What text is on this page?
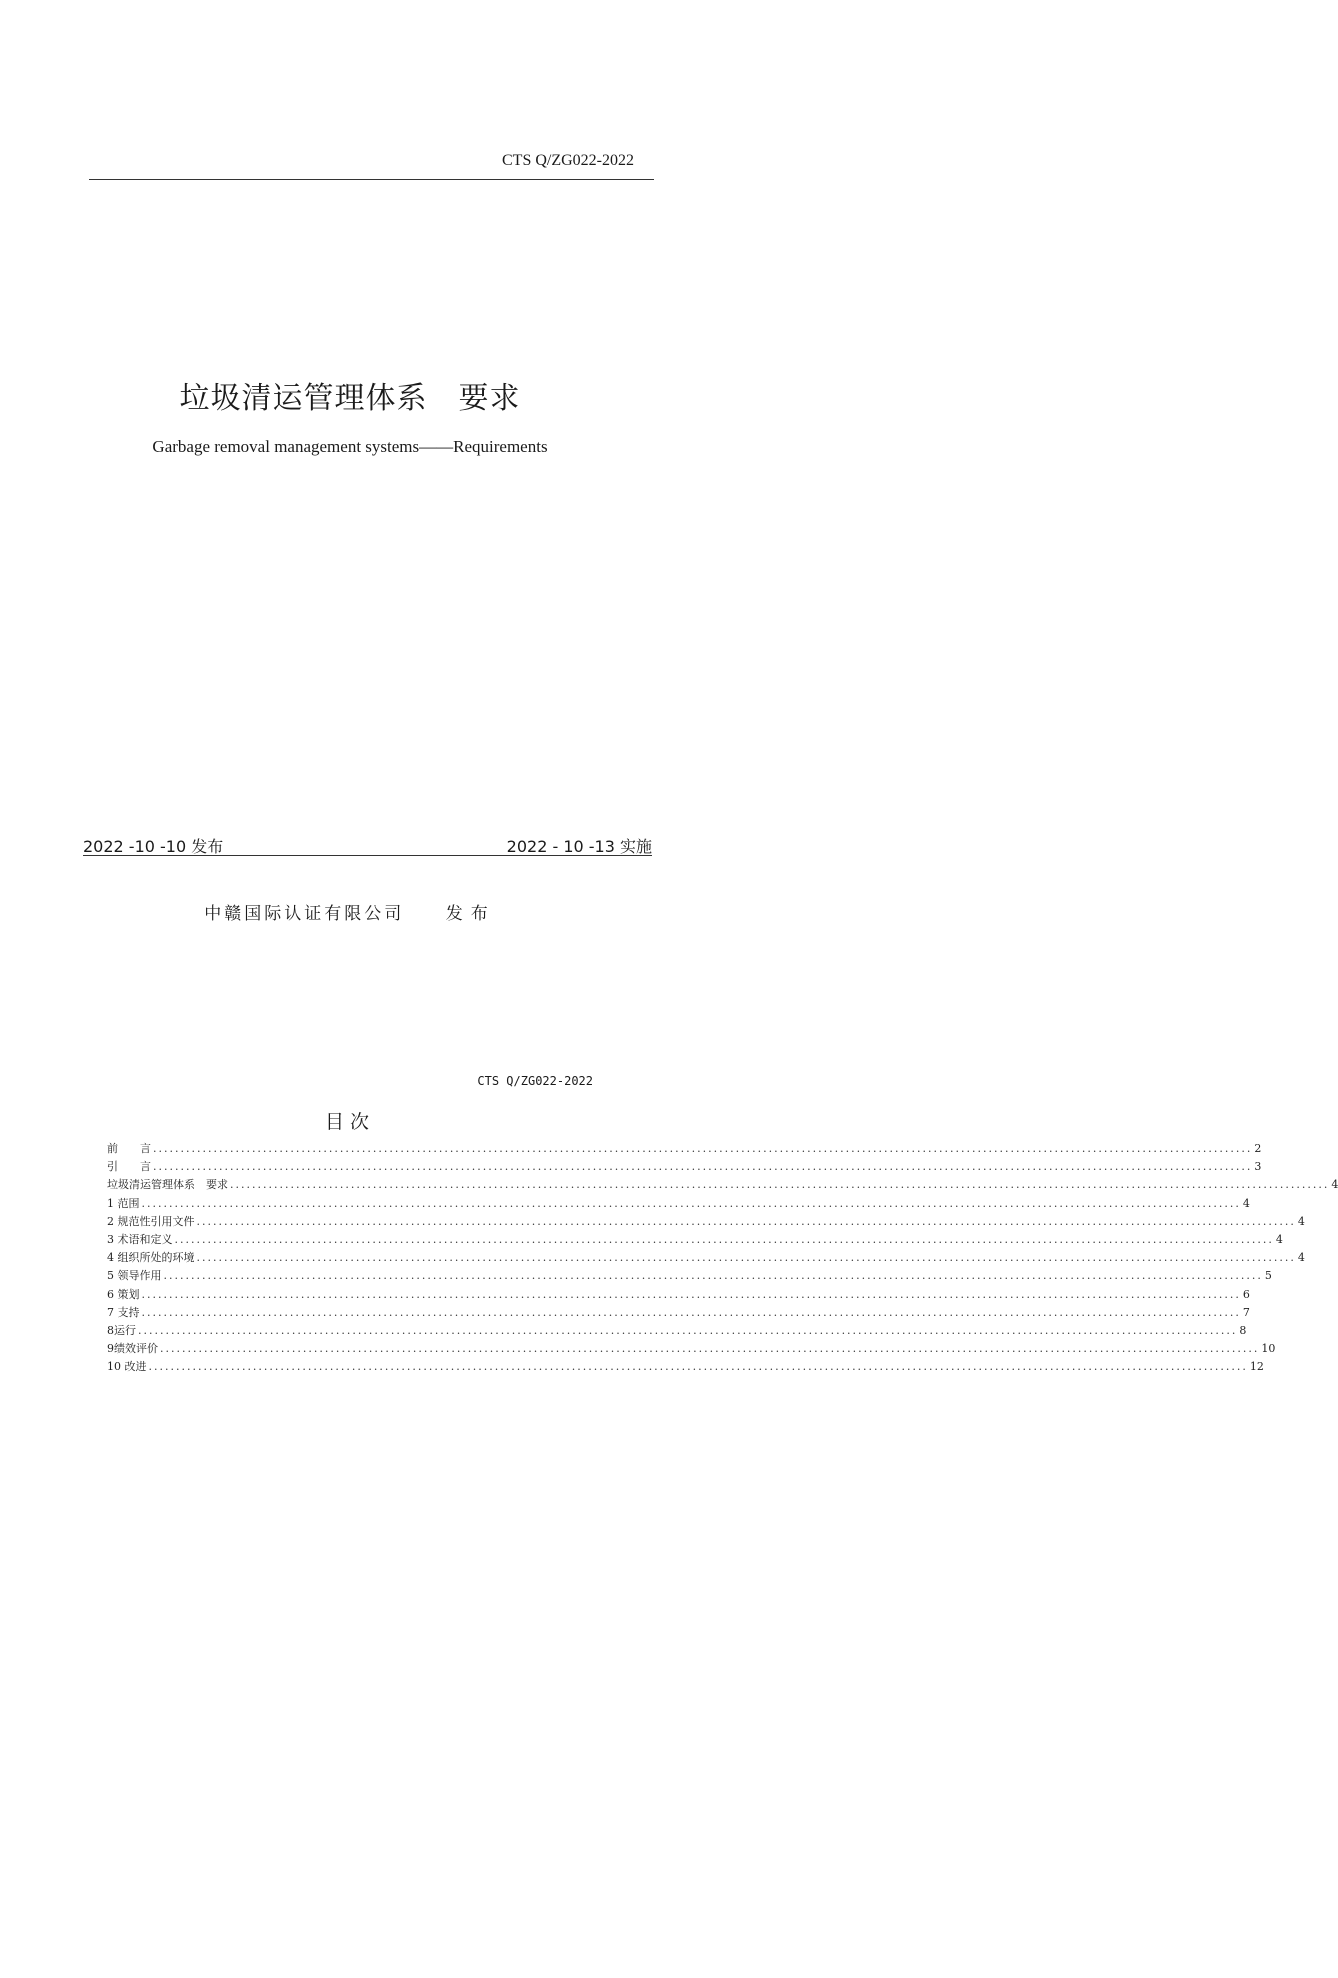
CTS Q/ZG022-2022
垃圾清运管理体系　要求
Garbage removal management systems——Requirements
2022 -10 -10 发布	2022 - 10 -13 实施
中赣国际认证有限公司 发布
CTS Q/ZG022-2022
目次
前　　言 ........................................................................................................................................................................................................ 2
引　　言 ........................................................................................................................................................................................................ 3
垃圾清运管理体系　要求 ........................................................................................................................................................................................................ 4
1 范围 ........................................................................................................................................................................................................ 4
2 规范性引用文件 ........................................................................................................................................................................................................ 4
3 术语和定义 ........................................................................................................................................................................................................ 4
4 组织所处的环境 ........................................................................................................................................................................................................ 4
5 领导作用 ........................................................................................................................................................................................................ 5
6 策划 ........................................................................................................................................................................................................ 6
7 支持 ........................................................................................................................................................................................................ 7
8运行 ........................................................................................................................................................................................................ 8
9绩效评价 ........................................................................................................................................................................................................ 10
10 改进 ........................................................................................................................................................................................................ 12
